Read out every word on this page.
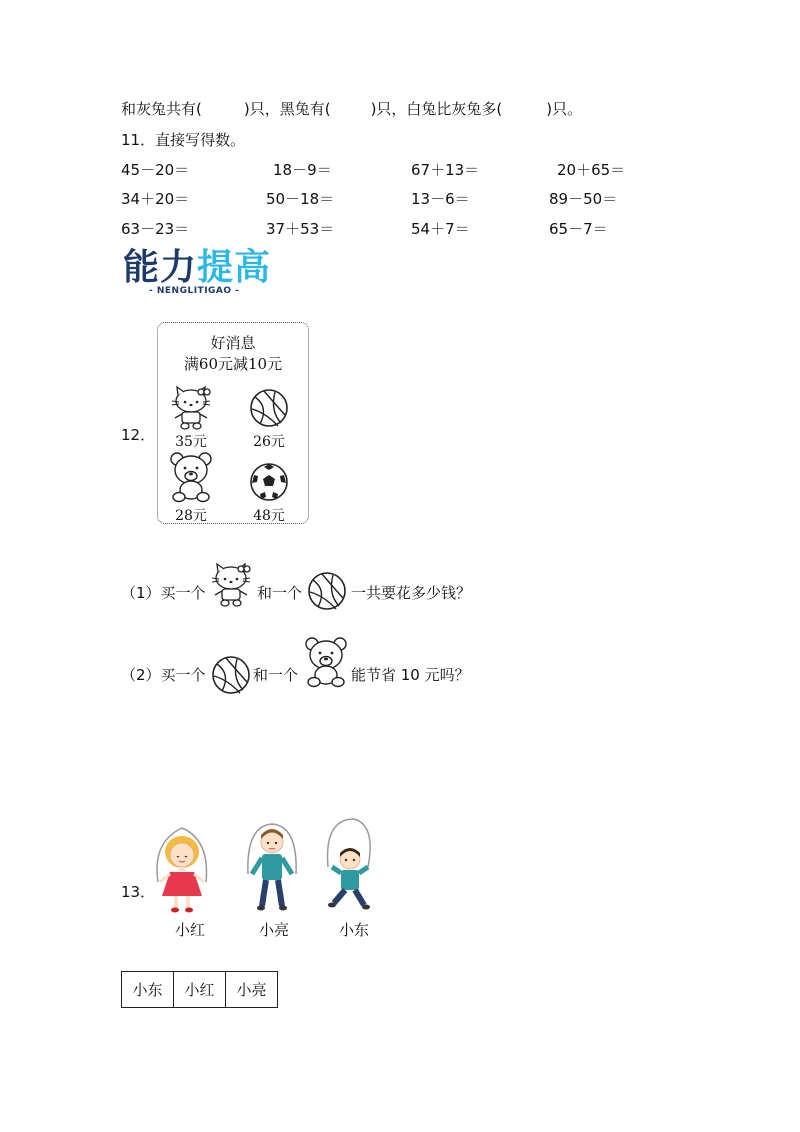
和灰兔共有(	)只，黑兔有(	)只，白兔比灰兔多(	)只。
11．直接写得数。
45－20＝	18－9＝	67＋13＝	20＋65＝
34＋20＝	50－18＝	13－6＝	89－50＝
63－23＝	37＋53＝	54＋7＝	65－7＝
能力提高
- NENGLITIGAO -
12．
好消息
满60元减10元
35元	26元
28元	48元
（1）买一个	和一个	一共要花多少钱？
（2）买一个	和一个	能节省 10 元吗？
13．
小红	小亮	小东
小东	小红	小亮
